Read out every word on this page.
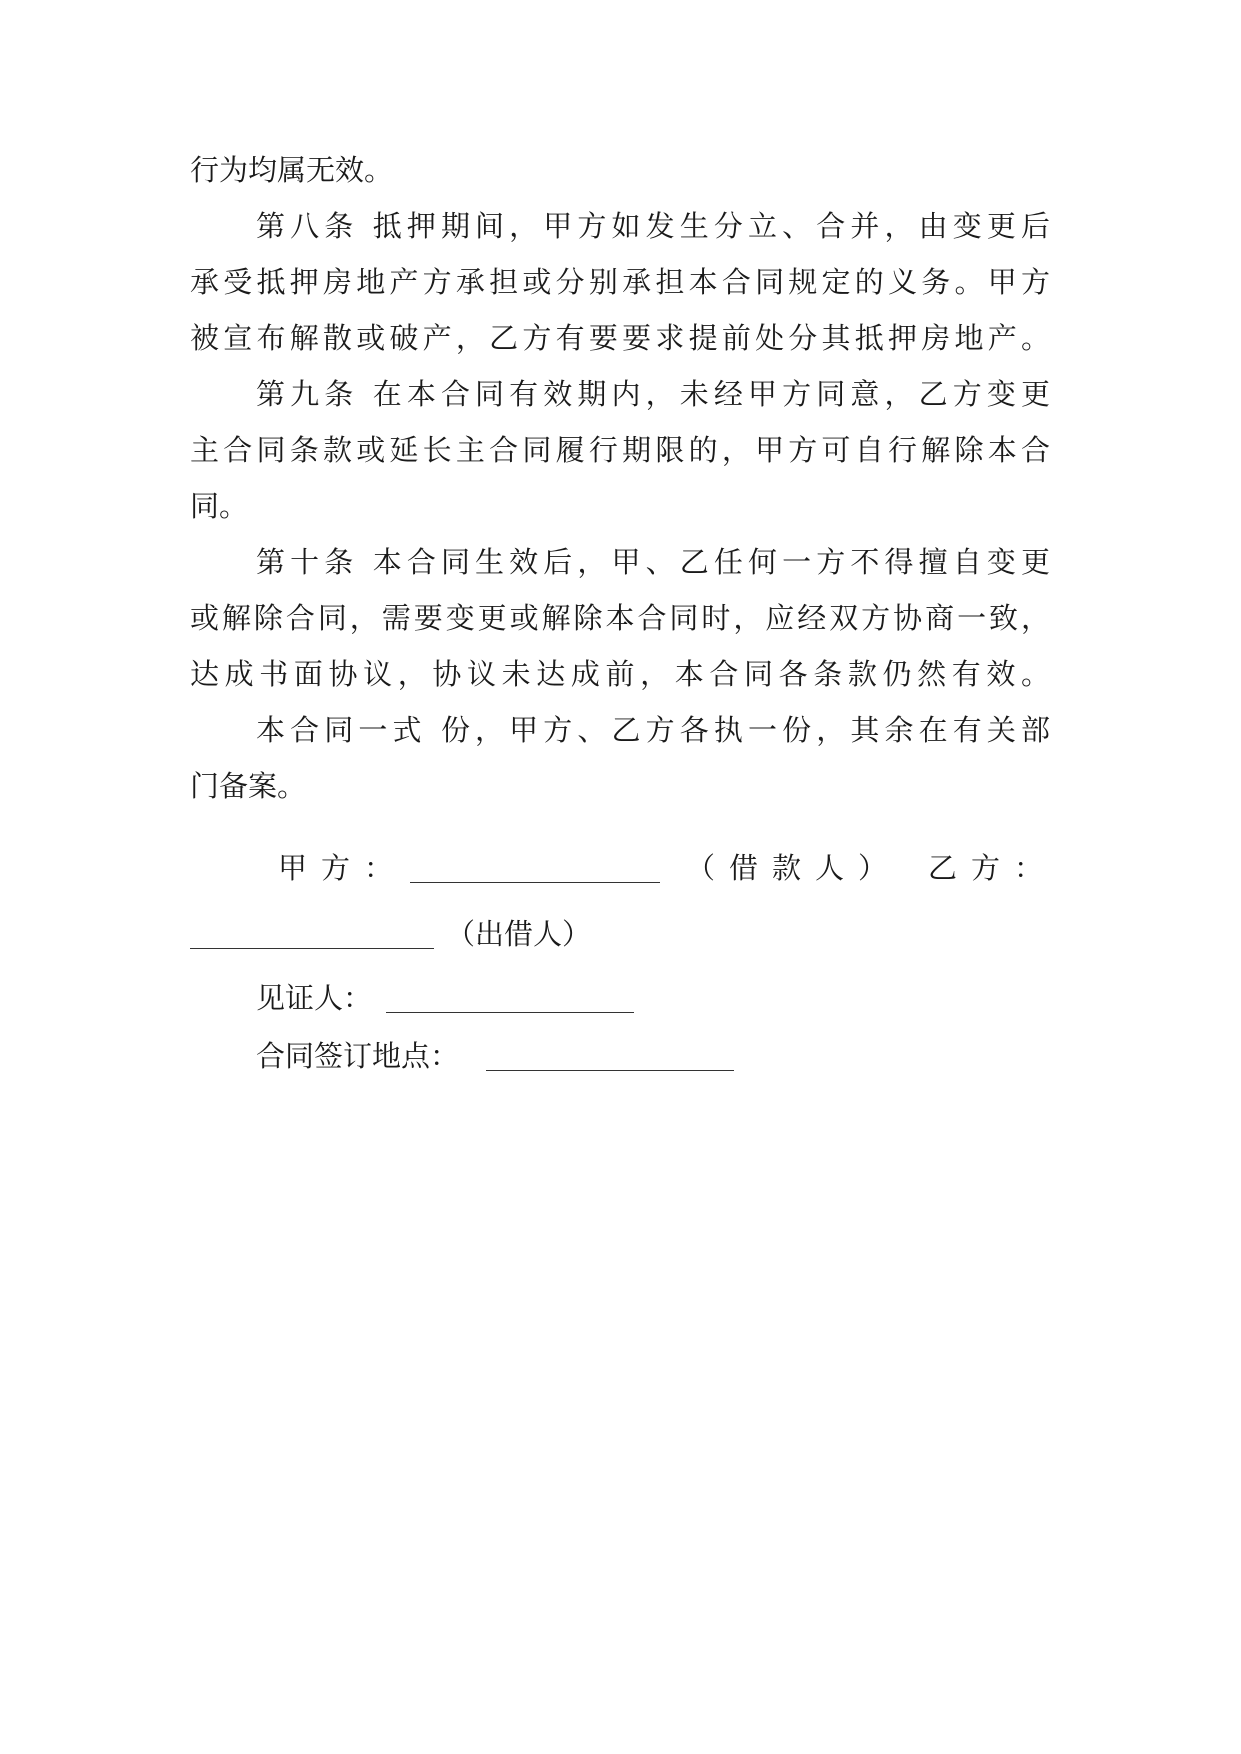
行为均属无效。
第八条 抵押期间，甲方如发生分立、合并，由变更后
承受抵押房地产方承担或分别承担本合同规定的义务。甲方
被宣布解散或破产，乙方有要要求提前处分其抵押房地产。
第九条 在本合同有效期内，未经甲方同意，乙方变更
主合同条款或延长主合同履行期限的，甲方可自行解除本合
同。
第十条 本合同生效后，甲、乙任何一方不得擅自变更
或解除合同，需要变更或解除本合同时，应经双方协商一致，
达成书面协议，协议未达成前，本合同各条款仍然有效。
本合同一式 份，甲方、乙方各执一份，其余在有关部
门备案。
甲方：	（借款人） 乙方：
（出借人）
见证人：
合同签订地点：
